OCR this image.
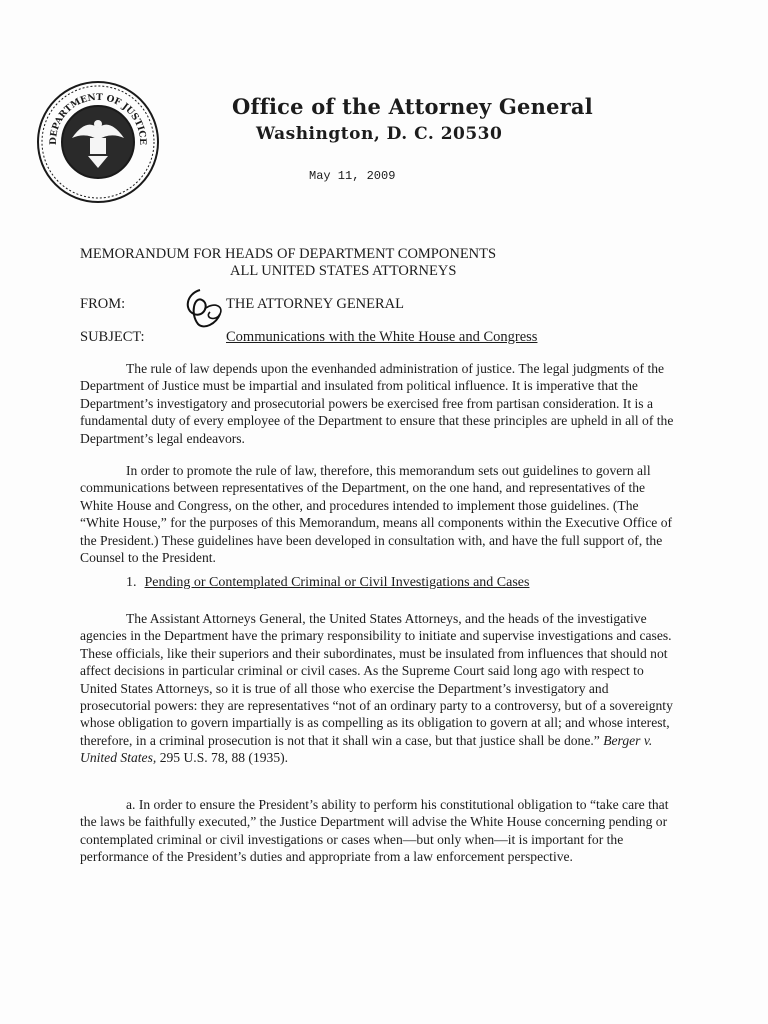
DEPARTMENT OF JUSTICE
Office of the Attorney General
Washington, D. C. 20530
May 11, 2009
MEMORANDUM FOR HEADS OF DEPARTMENT COMPONENTS
ALL UNITED STATES ATTORNEYS
FROM:	THE ATTORNEY GENERAL
SUBJECT:	Communications with the White House and Congress

The rule of law depends upon the evenhanded administration of justice. The legal judgments of the Department of Justice must be impartial and insulated from political influence. It is imperative that the Department’s investigatory and prosecutorial powers be exercised free from partisan consideration. It is a fundamental duty of every employee of the Department to ensure that these principles are upheld in all of the Department’s legal endeavors.

In order to promote the rule of law, therefore, this memorandum sets out guidelines to govern all communications between representatives of the Department, on the one hand, and representatives of the White House and Congress, on the other, and procedures intended to implement those guidelines. (The “White House,” for the purposes of this Memorandum, means all components within the Executive Office of the President.) These guidelines have been developed in consultation with, and have the full support of, the Counsel to the President.

1. Pending or Contemplated Criminal or Civil Investigations and Cases

The Assistant Attorneys General, the United States Attorneys, and the heads of the investigative agencies in the Department have the primary responsibility to initiate and supervise investigations and cases. These officials, like their superiors and their subordinates, must be insulated from influences that should not affect decisions in particular criminal or civil cases. As the Supreme Court said long ago with respect to United States Attorneys, so it is true of all those who exercise the Department’s investigatory and prosecutorial powers: they are representatives “not of an ordinary party to a controversy, but of a sovereignty whose obligation to govern impartially is as compelling as its obligation to govern at all; and whose interest, therefore, in a criminal prosecution is not that it shall win a case, but that justice shall be done.” Berger v. United States, 295 U.S. 78, 88 (1935).

a. In order to ensure the President’s ability to perform his constitutional obligation to “take care that the laws be faithfully executed,” the Justice Department will advise the White House concerning pending or contemplated criminal or civil investigations or cases when—but only when—it is important for the performance of the President’s duties and appropriate from a law enforcement perspective.
